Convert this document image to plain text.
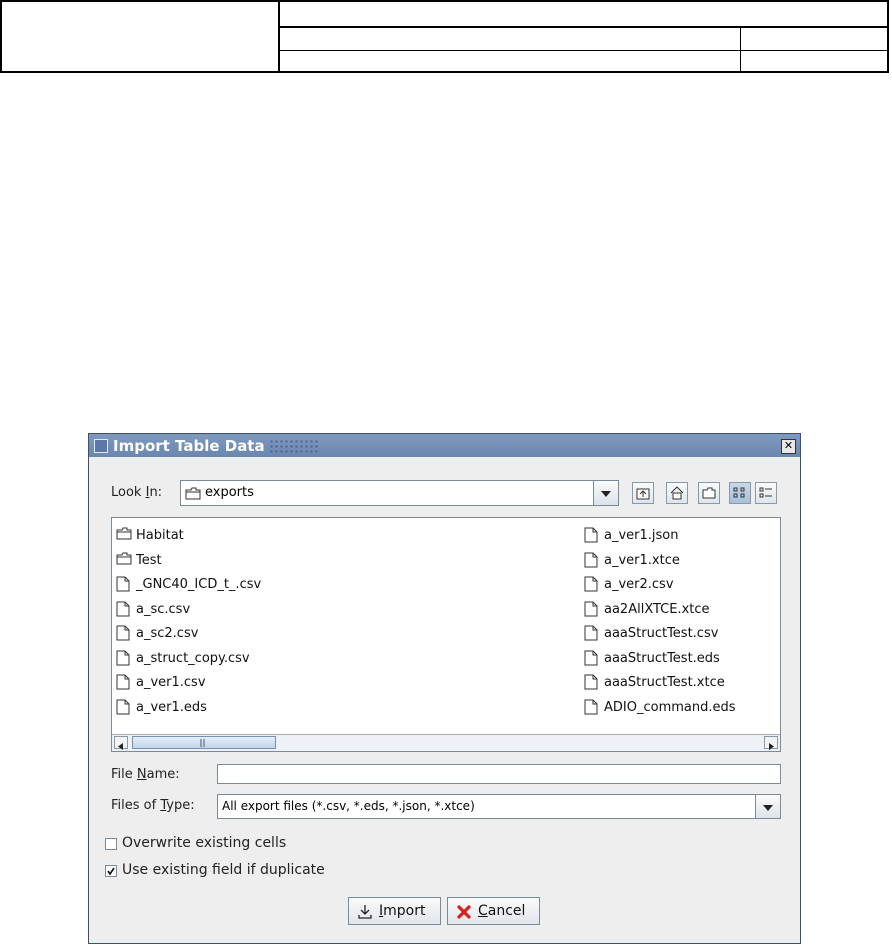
Import Table Data	✕
Look In:	exports
Habitat
Test
_GNC40_ICD_t_.csv
a_sc.csv
a_sc2.csv
a_struct_copy.csv
a_ver1.csv
a_ver1.eds
a_ver1.json
a_ver1.xtce
a_ver2.csv
aa2AllXTCE.xtce
aaaStructTest.csv
aaaStructTest.eds
aaaStructTest.xtce
ADIO_command.eds
File Name:
Files of Type: All export files (*.csv, *.eds, *.json, *.xtce)
Overwrite existing cells
Use existing field if duplicate
Import	Cancel
